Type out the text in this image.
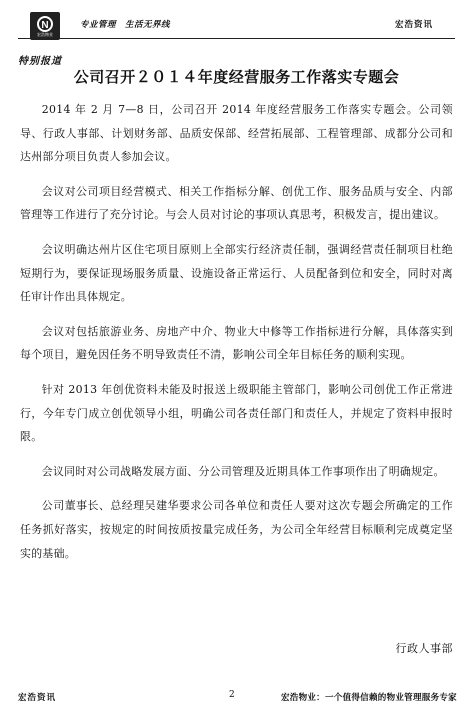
N
宏浩物业
专业管理　生活无界线	宏浩资讯
特别报道
公司召开２０１４年度经营服务工作落实专题会

2014 年 2 月 7—8 日，公司召开 2014 年度经营服务工作落实专题会。公司领导、行政人事部、计划财务部、品质安保部、经营拓展部、工程管理部、成都分公司和达州部分项目负责人参加会议。

会议对公司项目经营模式、相关工作指标分解、创优工作、服务品质与安全、内部管理等工作进行了充分讨论。与会人员对讨论的事项认真思考，积极发言，提出建议。

会议明确达州片区住宅项目原则上全部实行经济责任制，强调经营责任制项目杜绝短期行为，要保证现场服务质量、设施设备正常运行、人员配备到位和安全，同时对离任审计作出具体规定。

会议对包括旅游业务、房地产中介、物业大中修等工作指标进行分解，具体落实到每个项目，避免因任务不明导致责任不清，影响公司全年目标任务的顺利实现。

针对 2013 年创优资料未能及时报送上级职能主管部门，影响公司创优工作正常进行，今年专门成立创优领导小组，明确公司各责任部门和责任人，并规定了资料申报时限。

会议同时对公司战略发展方面、分公司管理及近期具体工作事项作出了明确规定。

公司董事长、总经理吴建华要求公司各单位和责任人要对这次专题会所确定的工作任务抓好落实，按规定的时间按质按量完成任务，为公司全年经营目标顺利完成奠定坚实的基础。

行政人事部
宏浩资讯	2	宏浩物业：一个值得信赖的物业管理服务专家
